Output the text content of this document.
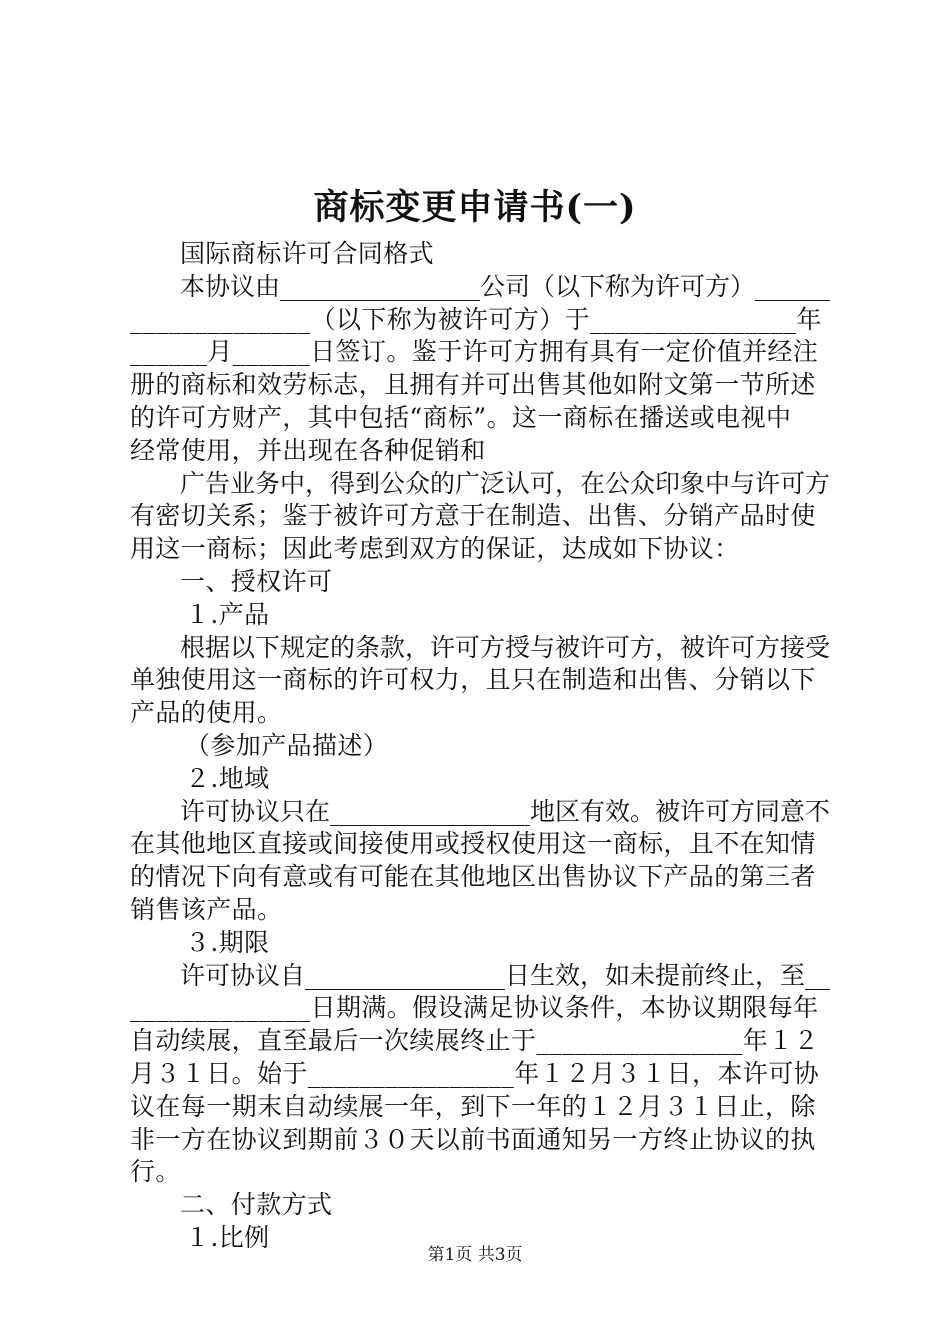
商标变更申请书(一)
国际商标许可合同格式
本协议由________________公司（以下称为许可方）______
______________（以下称为被许可方）于________________年
______月______日签订。鉴于许可方拥有具有一定价值并经注
册的商标和效劳标志，且拥有并可出售其他如附文第一节所述
的许可方财产，其中包括“商标”。这一商标在播送或电视中
经常使用，并出现在各种促销和
广告业务中，得到公众的广泛认可，在公众印象中与许可方
有密切关系；鉴于被许可方意于在制造、出售、分销产品时使
用这一商标；因此考虑到双方的保证，达成如下协议：
一、授权许可
１.产品
根据以下规定的条款，许可方授与被许可方，被许可方接受
单独使用这一商标的许可权力，且只在制造和出售、分销以下
产品的使用。
（参加产品描述）
２.地域
许可协议只在________________地区有效。被许可方同意不
在其他地区直接或间接使用或授权使用这一商标，且不在知情
的情况下向有意或有可能在其他地区出售协议下产品的第三者
销售该产品。
３.期限
许可协议自________________日生效，如未提前终止，至__
______________日期满。假设满足协议条件，本协议期限每年
自动续展，直至最后一次续展终止于________________年１２
月３１日。始于________________年１２月３１日，本许可协
议在每一期末自动续展一年，到下一年的１２月３１日止，除
非一方在协议到期前３０天以前书面通知另一方终止协议的执
行。
二、付款方式
１.比例
第1页 共3页
